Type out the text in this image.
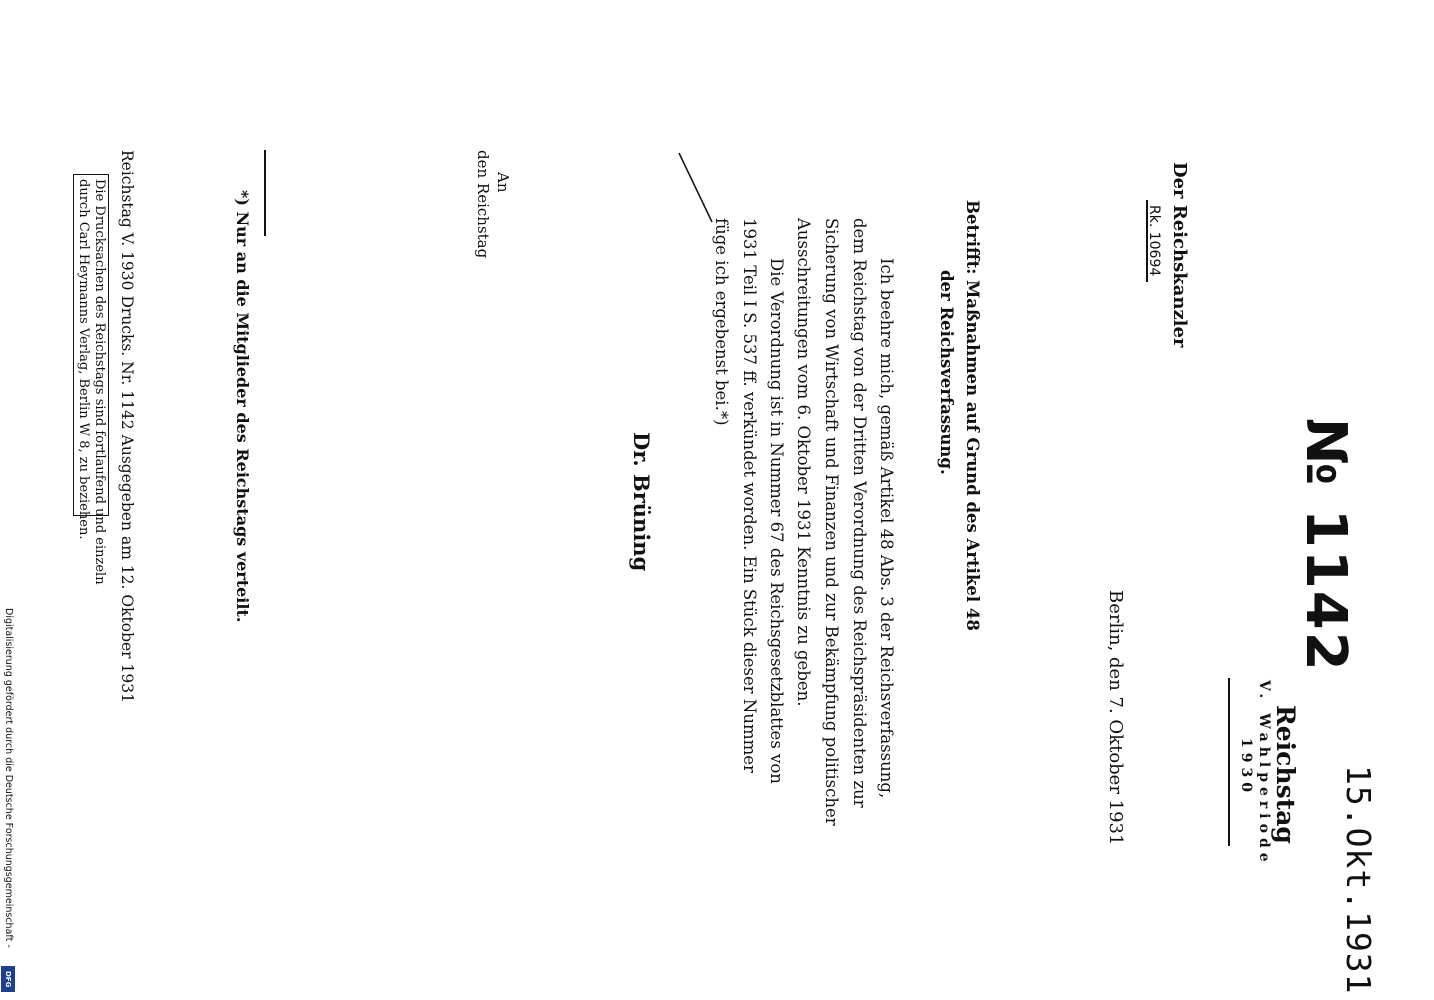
№ 1142
15.Okt.1931
Reichstag
V. Wahlperiode
1930
Der Reichskanzler
Rk. 10694
Berlin, den 7. Oktober 1931
Betrifft: Maßnahmen auf Grund des Artikel 48
der Reichsverfassung.
Ich beehre mich, gemäß Artikel 48 Abs. 3 der Reichsverfassung,
dem Reichstag von der Dritten Verordnung des Reichspräsidenten zur
Sicherung von Wirtschaft und Finanzen und zur Bekämpfung politischer
Ausschreitungen vom 6. Oktober 1931 Kenntnis zu geben.
Die Verordnung ist in Nummer 67 des Reichsgesetzblattes von
1931 Teil I S. 537 ff. verkündet worden. Ein Stück dieser Nummer
füge ich ergebenst bei.*)
Dr. Brüning
An
den Reichstag
*) Nur an die Mitglieder des Reichstags verteilt.
Reichstag V. 1930 Drucks. Nr. 1142 Ausgegeben am 12. Oktober 1931
Die Drucksachen des Reichstags sind fortlaufend und einzeln
durch Carl Heymanns Verlag, Berlin W 8, zu beziehen.
Digitalisierung gefördert durch die Deutsche Forschungsgemeinschaft -
DFG
